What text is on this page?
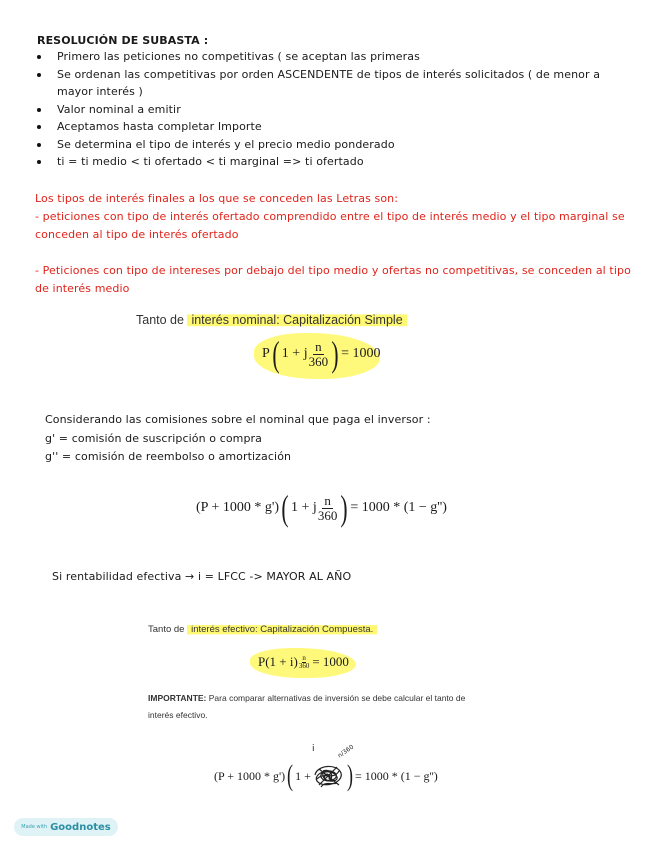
RESOLUCIÓN DE SUBASTA :
Primero las peticiones no competitivas ( se aceptan las primeras
Se ordenan las competitivas por orden ASCENDENTE de tipos de interés solicitados ( de menor a mayor interés )
Valor nominal a emitir
Aceptamos hasta completar Importe
Se determina el tipo de interés y el precio medio ponderado
ti = ti medio < ti ofertado < ti marginal => ti ofertado
Los tipos de interés finales a los que se conceden las Letras son:
- peticiones con tipo de interés ofertado comprendido entre el tipo de interés medio y el tipo marginal se conceden al tipo de interés ofertado
- Peticiones con tipo de intereses por debajo del tipo medio y ofertas no competitivas, se conceden al tipo de interés medio
Tanto de interés nominal: Capitalización Simple
P ( 1 + j $\frac{n}{360}$ ) = 1000
Considerando las comisiones sobre el nominal que paga el inversor :
g' = comisión de suscripción o compra
g'' = comisión de reembolso o amortización
(P + 1000 * g') ( 1 + j $\frac{n}{360}$ ) = 1000 * (1 − g'')
Si rentabilidad efectiva → i = LFCC -> MAYOR AL AÑO
Tanto de interés efectivo: Capitalización Compuesta.
$P(1 + i) \frac{n}{360} = 1000$
IMPORTANTE: Para comparar alternativas de inversión se debe calcular el tanto de interés efectivo.
i	n/360
(P + 1000 * g') ( 1 + ) = 1000 * (1 − g'')
Made with Goodnotes
